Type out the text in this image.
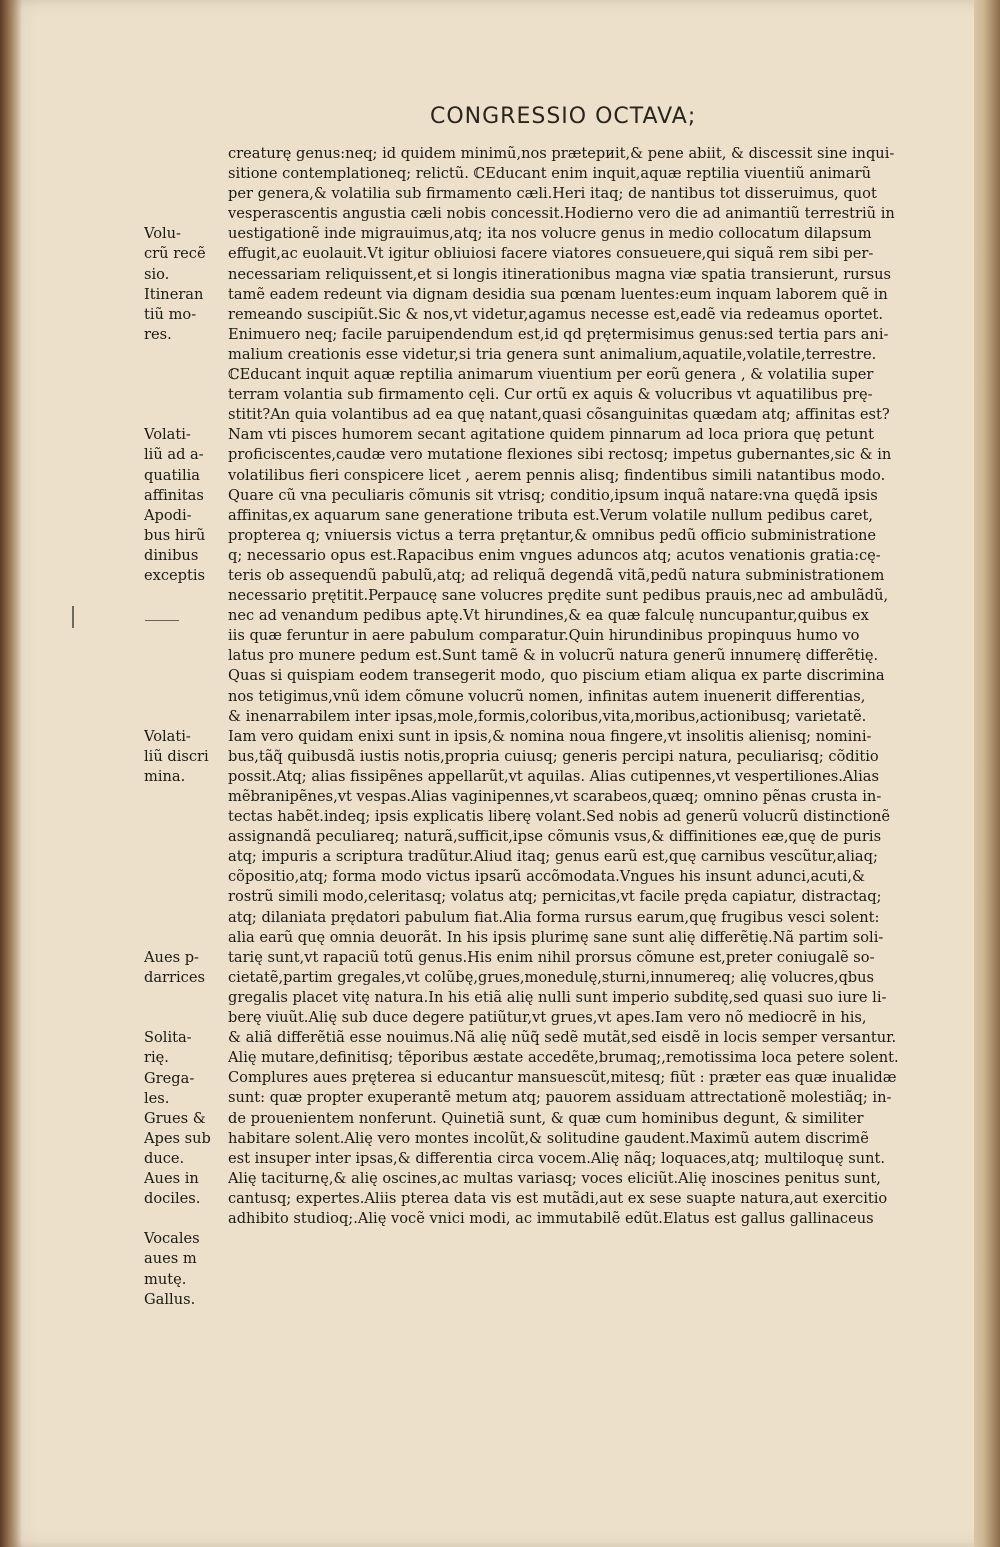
CONGRESSIO OCTAVA;
creaturę genus:neq; id quidem minimũ,nos prætериit,& pene abiit, & discessit sine inqui-
sitione contemplationeq; relictũ. ℂEducant enim inquit,aquæ reptilia viuentiũ animarũ
per genera,& volatilia sub firmamento cæli.Heri itaq; de nantibus tot disseruimus, quot
vesperascentis angustia cæli nobis concessit.Hodierno vero die ad animantiũ terrestriũ in
uestigationẽ inde migrauimus,atq; ita nos volucre genus in medio collocatum dilapsum
effugit,ac euolauit.Vt igitur obliuiosi facere viatores consueuere,qui siquã rem sibi per-
necessariam reliquissent,et si longis itinerationibus magna viæ spatia transierunt, rursus
tamẽ eadem redeunt via dignam desidia sua pœnam luentes:eum inquam laborem quẽ in
remeando suscipiũt.Sic & nos,vt videtur,agamus necesse est,eadẽ via redeamus oportet.
Enimuero neq; facile paruipendendum est,id qd prętermisimus genus:sed tertia pars ani-
malium creationis esse videtur,si tria genera sunt animalium,aquatile,volatile,terrestre.
ℂEducant inquit aquæ reptilia animarum viuentium per eorũ genera , & volatilia super
terram volantia sub firmamento cęli. Cur ortũ ex aquis & volucribus vt aquatilibus prę-
stitit?An quia volantibus ad ea quę natant,quasi cõsanguinitas quædam atq; affinitas est?
Nam vti pisces humorem secant agitatione quidem pinnarum ad loca priora quę petunt
proficiscentes,caudæ vero mutatione flexiones sibi rectosq; impetus gubernantes,sic & in
volatilibus fieri conspicere licet , aerem pennis alisq; findentibus simili natantibus modo.
Quare cũ vna peculiaris cõmunis sit vtrisq; conditio,ipsum inquã natare:vna quędã ipsis
affinitas,ex aquarum sane generatione tributa est.Verum volatile nullum pedibus caret,
propterea q; vniuersis victus a terra prętantur,& omnibus pedũ officio subministratione
q; necessario opus est.Rapacibus enim vngues aduncos atq; acutos venationis gratia:cę-
teris ob assequendũ pabulũ,atq; ad reliquã degendã vitã,pedũ natura subministrationem
necessario prętitit.Perpaucę sane volucres prędite sunt pedibus prauis,nec ad ambulãdũ,
nec ad venandum pedibus aptę.Vt hirundines,& ea quæ falculę nuncupantur,quibus ex
iis quæ feruntur in aere pabulum comparatur.Quin hirundinibus propinquus humo vo
latus pro munere pedum est.Sunt tamẽ & in volucrũ natura generũ innumerę differẽtię.
Quas si quispiam eodem transegerit modo, quo piscium etiam aliqua ex parte discrimina
nos tetigimus,vnũ idem cõmune volucrũ nomen, infinitas autem inuenerit differentias,
& inenarrabilem inter ipsas,mole,formis,coloribus,vita,moribus,actionibusq; varietatẽ.
Iam vero quidam enixi sunt in ipsis,& nomina noua fingere,vt insolitis alienisq; nomini-
bus,tãq̃ quibusdã iustis notis,propria cuiusq; generis percipi natura, peculiarisq; cõditio
possit.Atq; alias fissipẽnes appellarũt,vt aquilas. Alias cutipennes,vt vespertiliones.Alias
mẽbranipẽnes,vt vespas.Alias vaginipennes,vt scarabeos,quæq; omnino pẽnas crusta in-
tectas habẽt.indeq; ipsis explicatis liberę volant.Sed nobis ad generũ volucrũ distinctionẽ
assignandã peculiareq; naturã,sufficit,ipse cõmunis vsus,& diffinitiones eæ,quę de puris
atq; impuris a scriptura tradũtur.Aliud itaq; genus earũ est,quę carnibus vescũtur,aliaq;
cõpositio,atq; forma modo victus ipsarũ accõmodata.Vngues his insunt adunci,acuti,&
rostrũ simili modo,celeritasq; volatus atq; pernicitas,vt facile pręda capiatur, distractaq;
atq; dilaniata prędatori pabulum fiat.Alia forma rursus earum,quę frugibus vesci solent:
alia earũ quę omnia deuorãt. In his ipsis plurimę sane sunt alię differẽtię.Nã partim soli-
tarię sunt,vt rapaciũ totũ genus.His enim nihil prorsus cõmune est,preter coniugalẽ so-
cietatẽ,partim gregales,vt colũbę,grues,monedulę,sturni,innumereq; alię volucres,qbus
gregalis placet vitę natura.In his etiã alię nulli sunt imperio subditę,sed quasi suo iure li-
berę viuũt.Alię sub duce degere patiũtur,vt grues,vt apes.Iam vero nõ mediocrẽ in his,
& aliã differẽtiã esse nouimus.Nã alię nũq̃ sedẽ mutãt,sed eisdẽ in locis semper versantur.
Alię mutare,definitisq; tẽporibus æstate accedẽte,brumaq;,remotissima loca petere solent.
Complures aues pręterea si educantur mansuescũt,mitesq; fiũt : præter eas quæ inualidæ
sunt: quæ propter exuperantẽ metum atq; pauorem assiduam attrectationẽ molestiãq; in-
de prouenientem nonferunt. Quinetiã sunt, & quæ cum hominibus degunt, & similiter
habitare solent.Alię vero montes incolũt,& solitudine gaudent.Maximũ autem discrimẽ
est insuper inter ipsas,& differentia circa vocem.Alię nãq; loquaces,atq; multiloquę sunt.
Alię taciturnę,& alię oscines,ac multas variasq; voces eliciũt.Alię inoscines penitus sunt,
cantusq; expertes.Aliis pterea data vis est mutãdi,aut ex sese suapte natura,aut exercitio
adhibito studioq;.Alię vocẽ vnici modi, ac immutabilẽ edũt.Elatus est gallus gallinaceus
Volu-
crũ recẽ
sio.
Itineran
tiũ mo-
res.
Volati-
liũ ad a-
quatilia
affinitas
Apodi-
bus hirũ
dinibus
exceptis
Volati-
liũ discri
mina.
Aues p-
darrices
Solita-
rię.
Grega-
les.
Grues &
Apes sub
duce.
Aues in
dociles.
Vocales
aues m
mutę.
Gallus.
